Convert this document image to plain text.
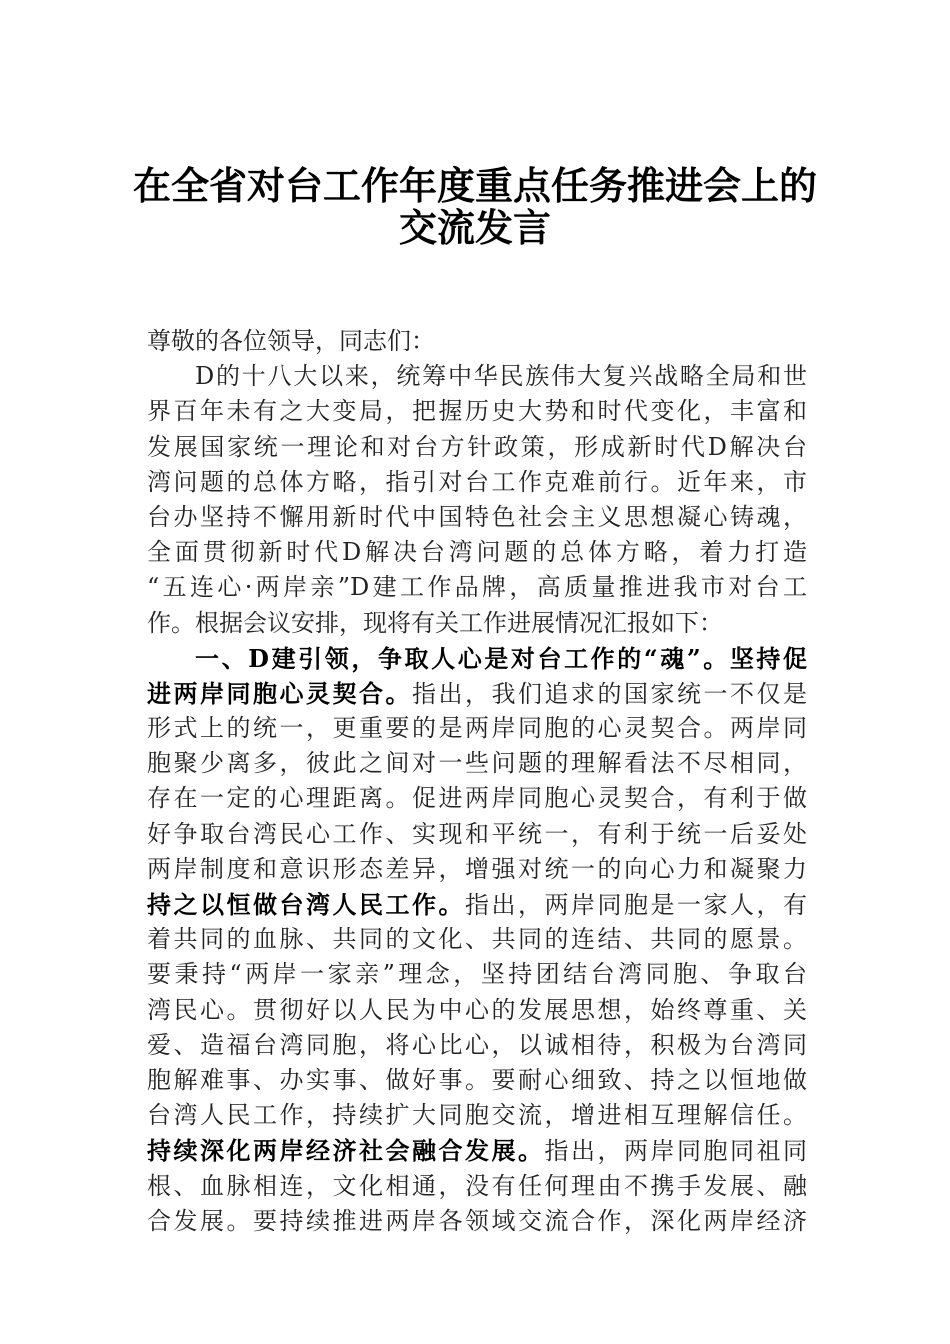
在全省对台工作年度重点任务推进会上的
交流发言
尊敬的各位领导，同志们：
D的十八大以来，统筹中华民族伟大复兴战略全局和世
界百年未有之大变局，把握历史大势和时代变化，丰富和
发展国家统一理论和对台方针政策，形成新时代D解决台
湾问题的总体方略，指引对台工作克难前行。近年来，市
台办坚持不懈用新时代中国特色社会主义思想凝心铸魂，
全面贯彻新时代D解决台湾问题的总体方略，着力打造
“五连心·两岸亲”D建工作品牌，高质量推进我市对台工
作。根据会议安排，现将有关工作进展情况汇报如下：
一、D建引领，争取人心是对台工作的“魂”。坚持促
进两岸同胞心灵契合。指出，我们追求的国家统一不仅是
形式上的统一，更重要的是两岸同胞的心灵契合。两岸同
胞聚少离多，彼此之间对一些问题的理解看法不尽相同，
存在一定的心理距离。促进两岸同胞心灵契合，有利于做
好争取台湾民心工作、实现和平统一，有利于统一后妥处
两岸制度和意识形态差异，增强对统一的向心力和凝聚力
持之以恒做台湾人民工作。指出，两岸同胞是一家人，有
着共同的血脉、共同的文化、共同的连结、共同的愿景。
要秉持“两岸一家亲”理念，坚持团结台湾同胞、争取台
湾民心。贯彻好以人民为中心的发展思想，始终尊重、关
爱、造福台湾同胞，将心比心，以诚相待，积极为台湾同
胞解难事、办实事、做好事。要耐心细致、持之以恒地做
台湾人民工作，持续扩大同胞交流，增进相互理解信任。
持续深化两岸经济社会融合发展。指出，两岸同胞同祖同
根、血脉相连，文化相通，没有任何理由不携手发展、融
合发展。要持续推进两岸各领域交流合作，深化两岸经济
